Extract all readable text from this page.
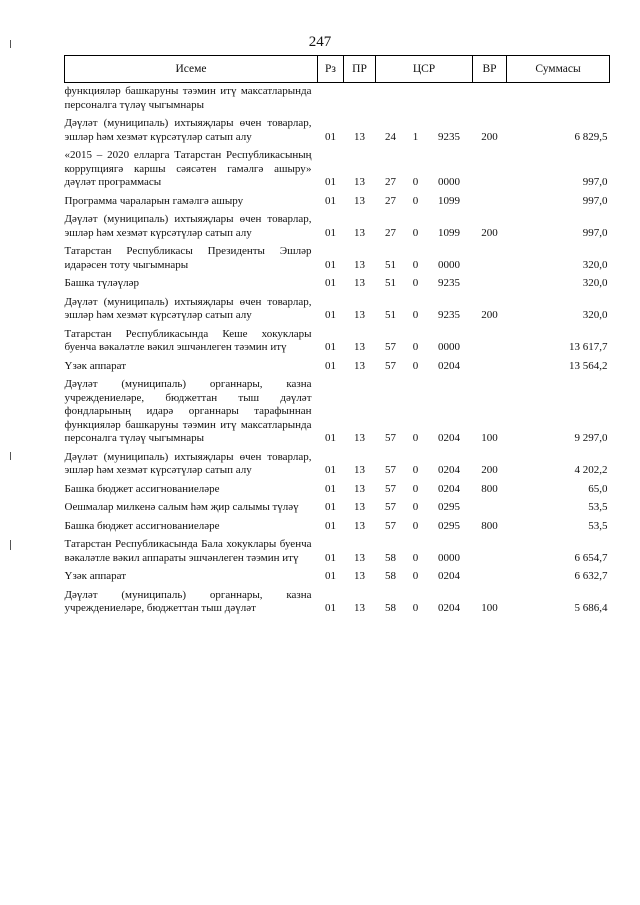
247
Исеме	Рз	ПР	ЦСР			ВР	Суммасы
функцияләр башкаруны тәэмин итү максатларында персоналга түләү чыгымнары							
Дәүләт (муниципаль) ихтыяҗлары өчен товарлар, эшләр һәм хезмәт күрсәтүләр сатып алу	01	13	24	1	9235	200	6 829,5
«2015 – 2020 елларга Татарстан Республикасының коррупциягә каршы сәясәтен гамәлгә ашыру» дәүләт программасы	01	13	27	0	0000		997,0
Программа чараларын гамәлгә ашыру	01	13	27	0	1099		997,0
Дәүләт (муниципаль) ихтыяҗлары өчен товарлар, эшләр һәм хезмәт күрсәтүләр сатып алу	01	13	27	0	1099	200	997,0
Татарстан Республикасы Президенты Эшләр идарәсен тоту чыгымнары	01	13	51	0	0000		320,0
Башка түләүләр	01	13	51	0	9235		320,0
Дәүләт (муниципаль) ихтыяҗлары өчен товарлар, эшләр һәм хезмәт күрсәтүләр сатып алу	01	13	51	0	9235	200	320,0
Татарстан Республикасында Кеше хокуклары буенча вәкаләтле вәкил эшчәнлеген тәэмин итү	01	13	57	0	0000		13 617,7
Үзәк аппарат	01	13	57	0	0204		13 564,2
Дәүләт (муниципаль) органнары, казна учреждениеләре, бюджеттан тыш дәүләт фондларының идарә органнары тарафыннан функцияләр башкаруны тәэмин итү максатларында персоналга түләү чыгымнары	01	13	57	0	0204	100	9 297,0
Дәүләт (муниципаль) ихтыяҗлары өчен товарлар, эшләр һәм хезмәт күрсәтүләр сатып алу	01	13	57	0	0204	200	4 202,2
Башка бюджет ассигнованиеләре	01	13	57	0	0204	800	65,0
Оешмалар милкенә салым һәм җир салымы түләү	01	13	57	0	0295		53,5
Башка бюджет ассигнованиеләре	01	13	57	0	0295	800	53,5
Татарстан Республикасында Бала хокуклары буенча вәкаләтле вәкил аппараты эшчәнлеген тәэмин итү	01	13	58	0	0000		6 654,7
Үзәк аппарат	01	13	58	0	0204		6 632,7
Дәүләт (муниципаль) органнары, казна учреждениеләре, бюджеттан тыш дәүләт	01	13	58	0	0204	100	5 686,4
